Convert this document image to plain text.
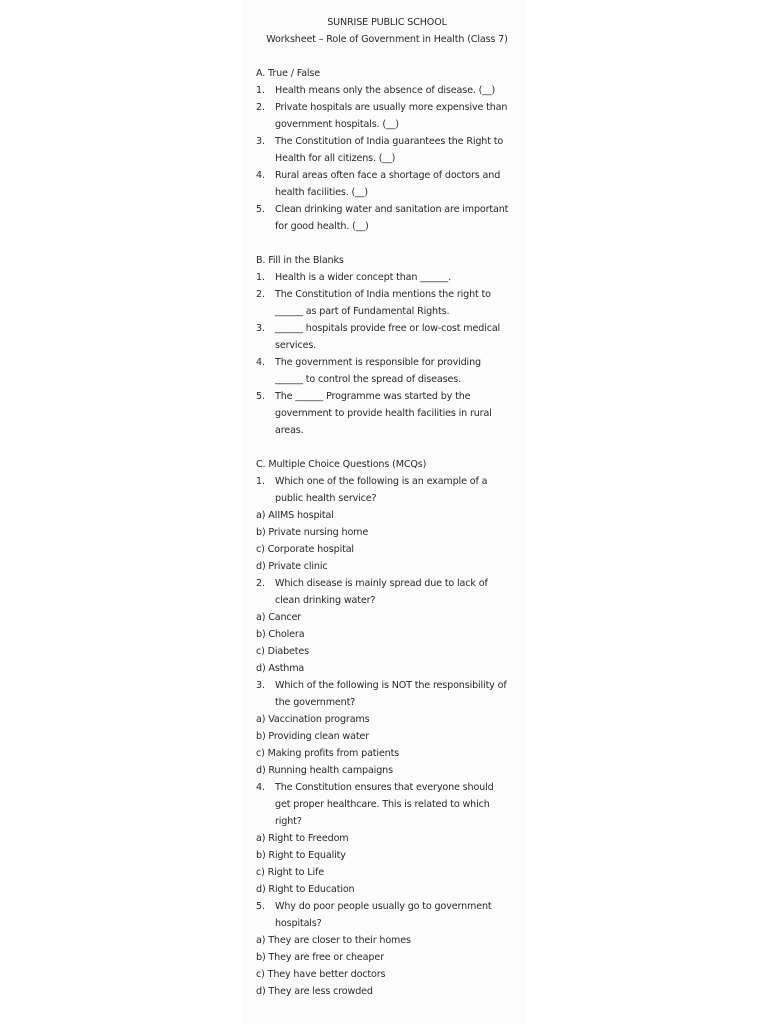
SUNRISE PUBLIC SCHOOL
Worksheet – Role of Government in Health (Class 7)
A. True / False
1. Health means only the absence of disease. (__)
2. Private hospitals are usually more expensive than
government hospitals. (__)
3. The Constitution of India guarantees the Right to
Health for all citizens. (__)
4. Rural areas often face a shortage of doctors and
health facilities. (__)
5. Clean drinking water and sanitation are important
for good health. (__)
B. Fill in the Blanks
1. Health is a wider concept than ______.
2. The Constitution of India mentions the right to
______ as part of Fundamental Rights.
3. ______ hospitals provide free or low-cost medical
services.
4. The government is responsible for providing
______ to control the spread of diseases.
5. The ______ Programme was started by the
government to provide health facilities in rural
areas.
C. Multiple Choice Questions (MCQs)
1. Which one of the following is an example of a
public health service?
a) AIIMS hospital
b) Private nursing home
c) Corporate hospital
d) Private clinic
2. Which disease is mainly spread due to lack of
clean drinking water?
a) Cancer
b) Cholera
c) Diabetes
d) Asthma
3. Which of the following is NOT the responsibility of
the government?
a) Vaccination programs
b) Providing clean water
c) Making profits from patients
d) Running health campaigns
4. The Constitution ensures that everyone should
get proper healthcare. This is related to which
right?
a) Right to Freedom
b) Right to Equality
c) Right to Life
d) Right to Education
5. Why do poor people usually go to government
hospitals?
a) They are closer to their homes
b) They are free or cheaper
c) They have better doctors
d) They are less crowded
